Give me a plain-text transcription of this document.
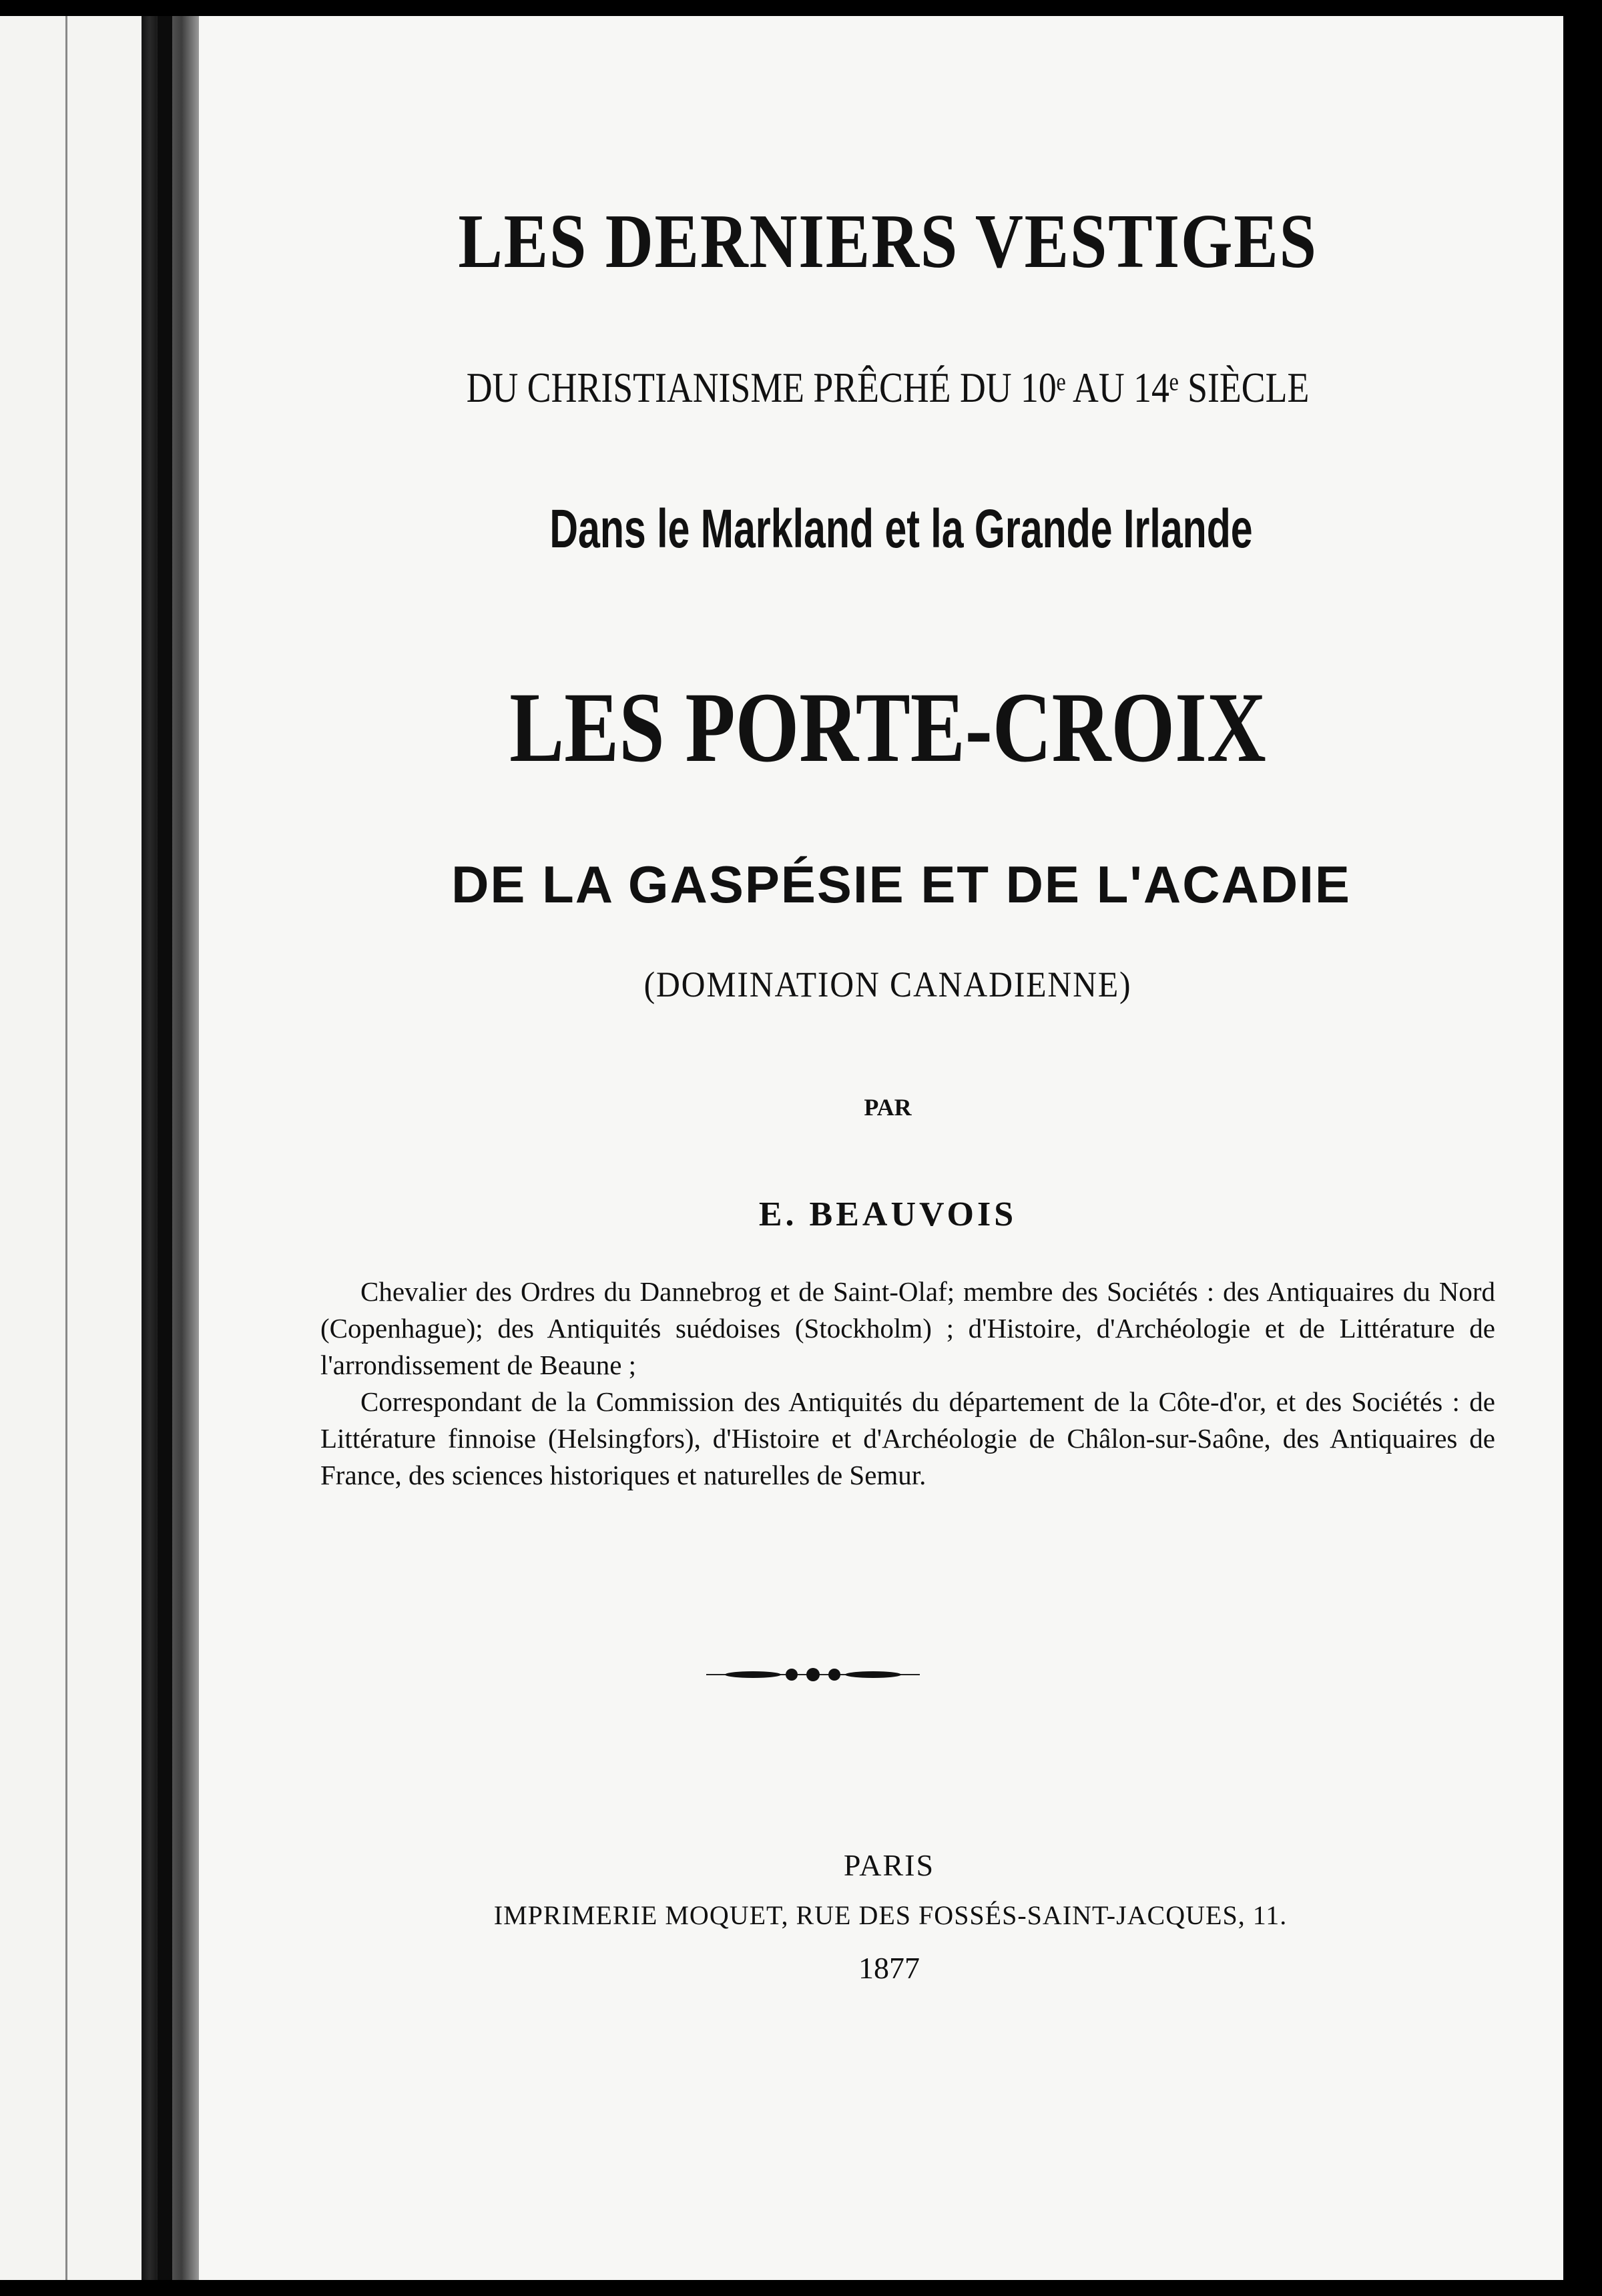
LES DERNIERS VESTIGES
DU CHRISTIANISME PRÊCHÉ DU 10ᵉ AU 14ᵉ SIÈCLE
Dans le Markland et la Grande Irlande
LES PORTE-CROIX
DE LA GASPÉSIE ET DE L'ACADIE
(DOMINATION CANADIENNE)
PAR
E. BEAUVOIS

Chevalier des Ordres du Dannebrog et de Saint-Olaf; membre des Sociétés : des Antiquaires du Nord (Copenhague); des Antiquités suédoises (Stockholm) ; d'Histoire, d'Archéologie et de Littérature de l'arrondissement de Beaune ;

Correspondant de la Commission des Antiquités du département de la Côte-d'or, et des Sociétés : de Littérature finnoise (Helsingfors), d'Histoire et d'Archéologie de Châlon-sur-Saône, des Antiquaires de France, des sciences historiques et naturelles de Semur.

PARIS
IMPRIMERIE MOQUET, RUE DES FOSSÉS-SAINT-JACQUES, 11.
1877
